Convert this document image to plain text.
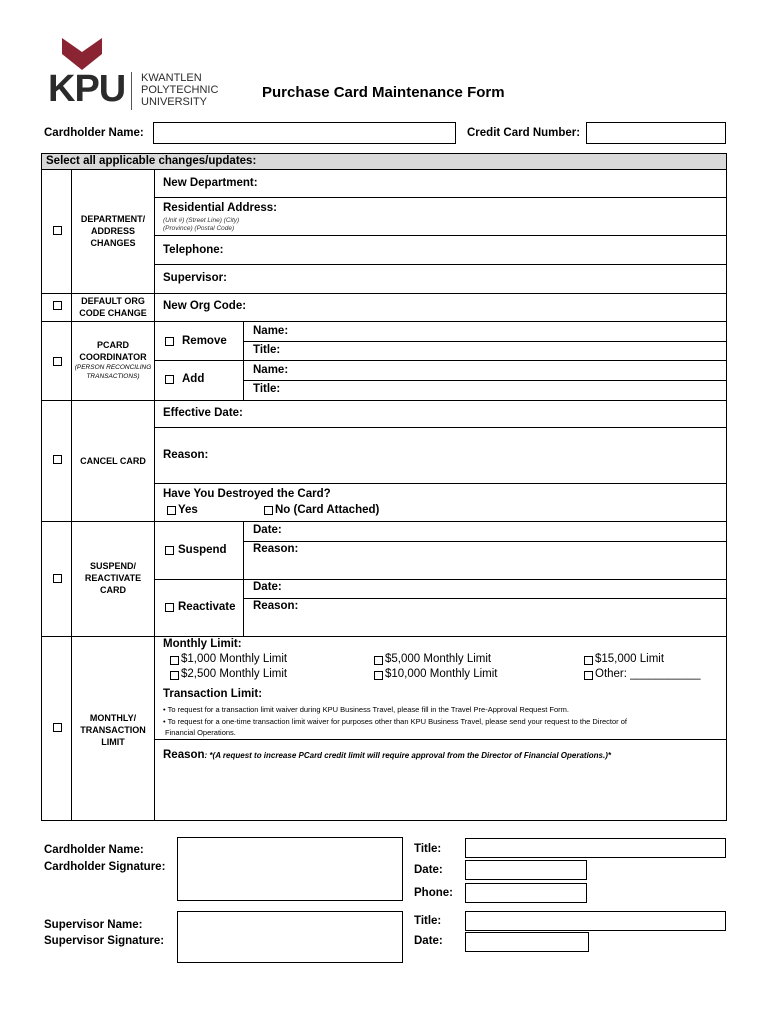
KPU KWANTLEN
POLYTECHNIC
UNIVERSITY
Purchase Card Maintenance Form
Cardholder Name:	Credit Card Number:
Select all applicable changes/updates:
DEPARTMENT/
ADDRESS
CHANGES
New Department:
Residential Address:
(Unit #) (Street Line) (City)
(Province) (Postal Code)
Telephone:
Supervisor:
DEFAULT ORG
CODE CHANGE
New Org Code:
PCARD
COORDINATOR
(PERSON RECONCILING
TRANSACTIONS)
Remove
Add
Name:
Title:
Name:
Title:
CANCEL CARD
Effective Date:
Reason:
Have You Destroyed the Card?
Yes	No (Card Attached)
SUSPEND/
REACTIVATE
CARD
Suspend
Reactivate
Date:
Reason:
Date:
Reason:
MONTHLY/
TRANSACTION
LIMIT
Monthly Limit:
$1,000 Monthly Limit
$2,500 Monthly Limit
$5,000 Monthly Limit
$10,000 Monthly Limit
$15,000 Limit
Other: ___________
Transaction Limit:
• To request for a transaction limit waiver during KPU Business Travel, please fill in the Travel Pre-Approval Request Form.
• To request for a one-time transaction limit waiver for purposes other than KPU Business Travel, please send your request to the Director of
Financial Operations.
Reason: *(A request to increase PCard credit limit will require approval from the Director of Financial Operations.)*
Cardholder Name:
Cardholder Signature:
Title:
Date:
Phone:
Supervisor Name:
Supervisor Signature:
Title:
Date:
